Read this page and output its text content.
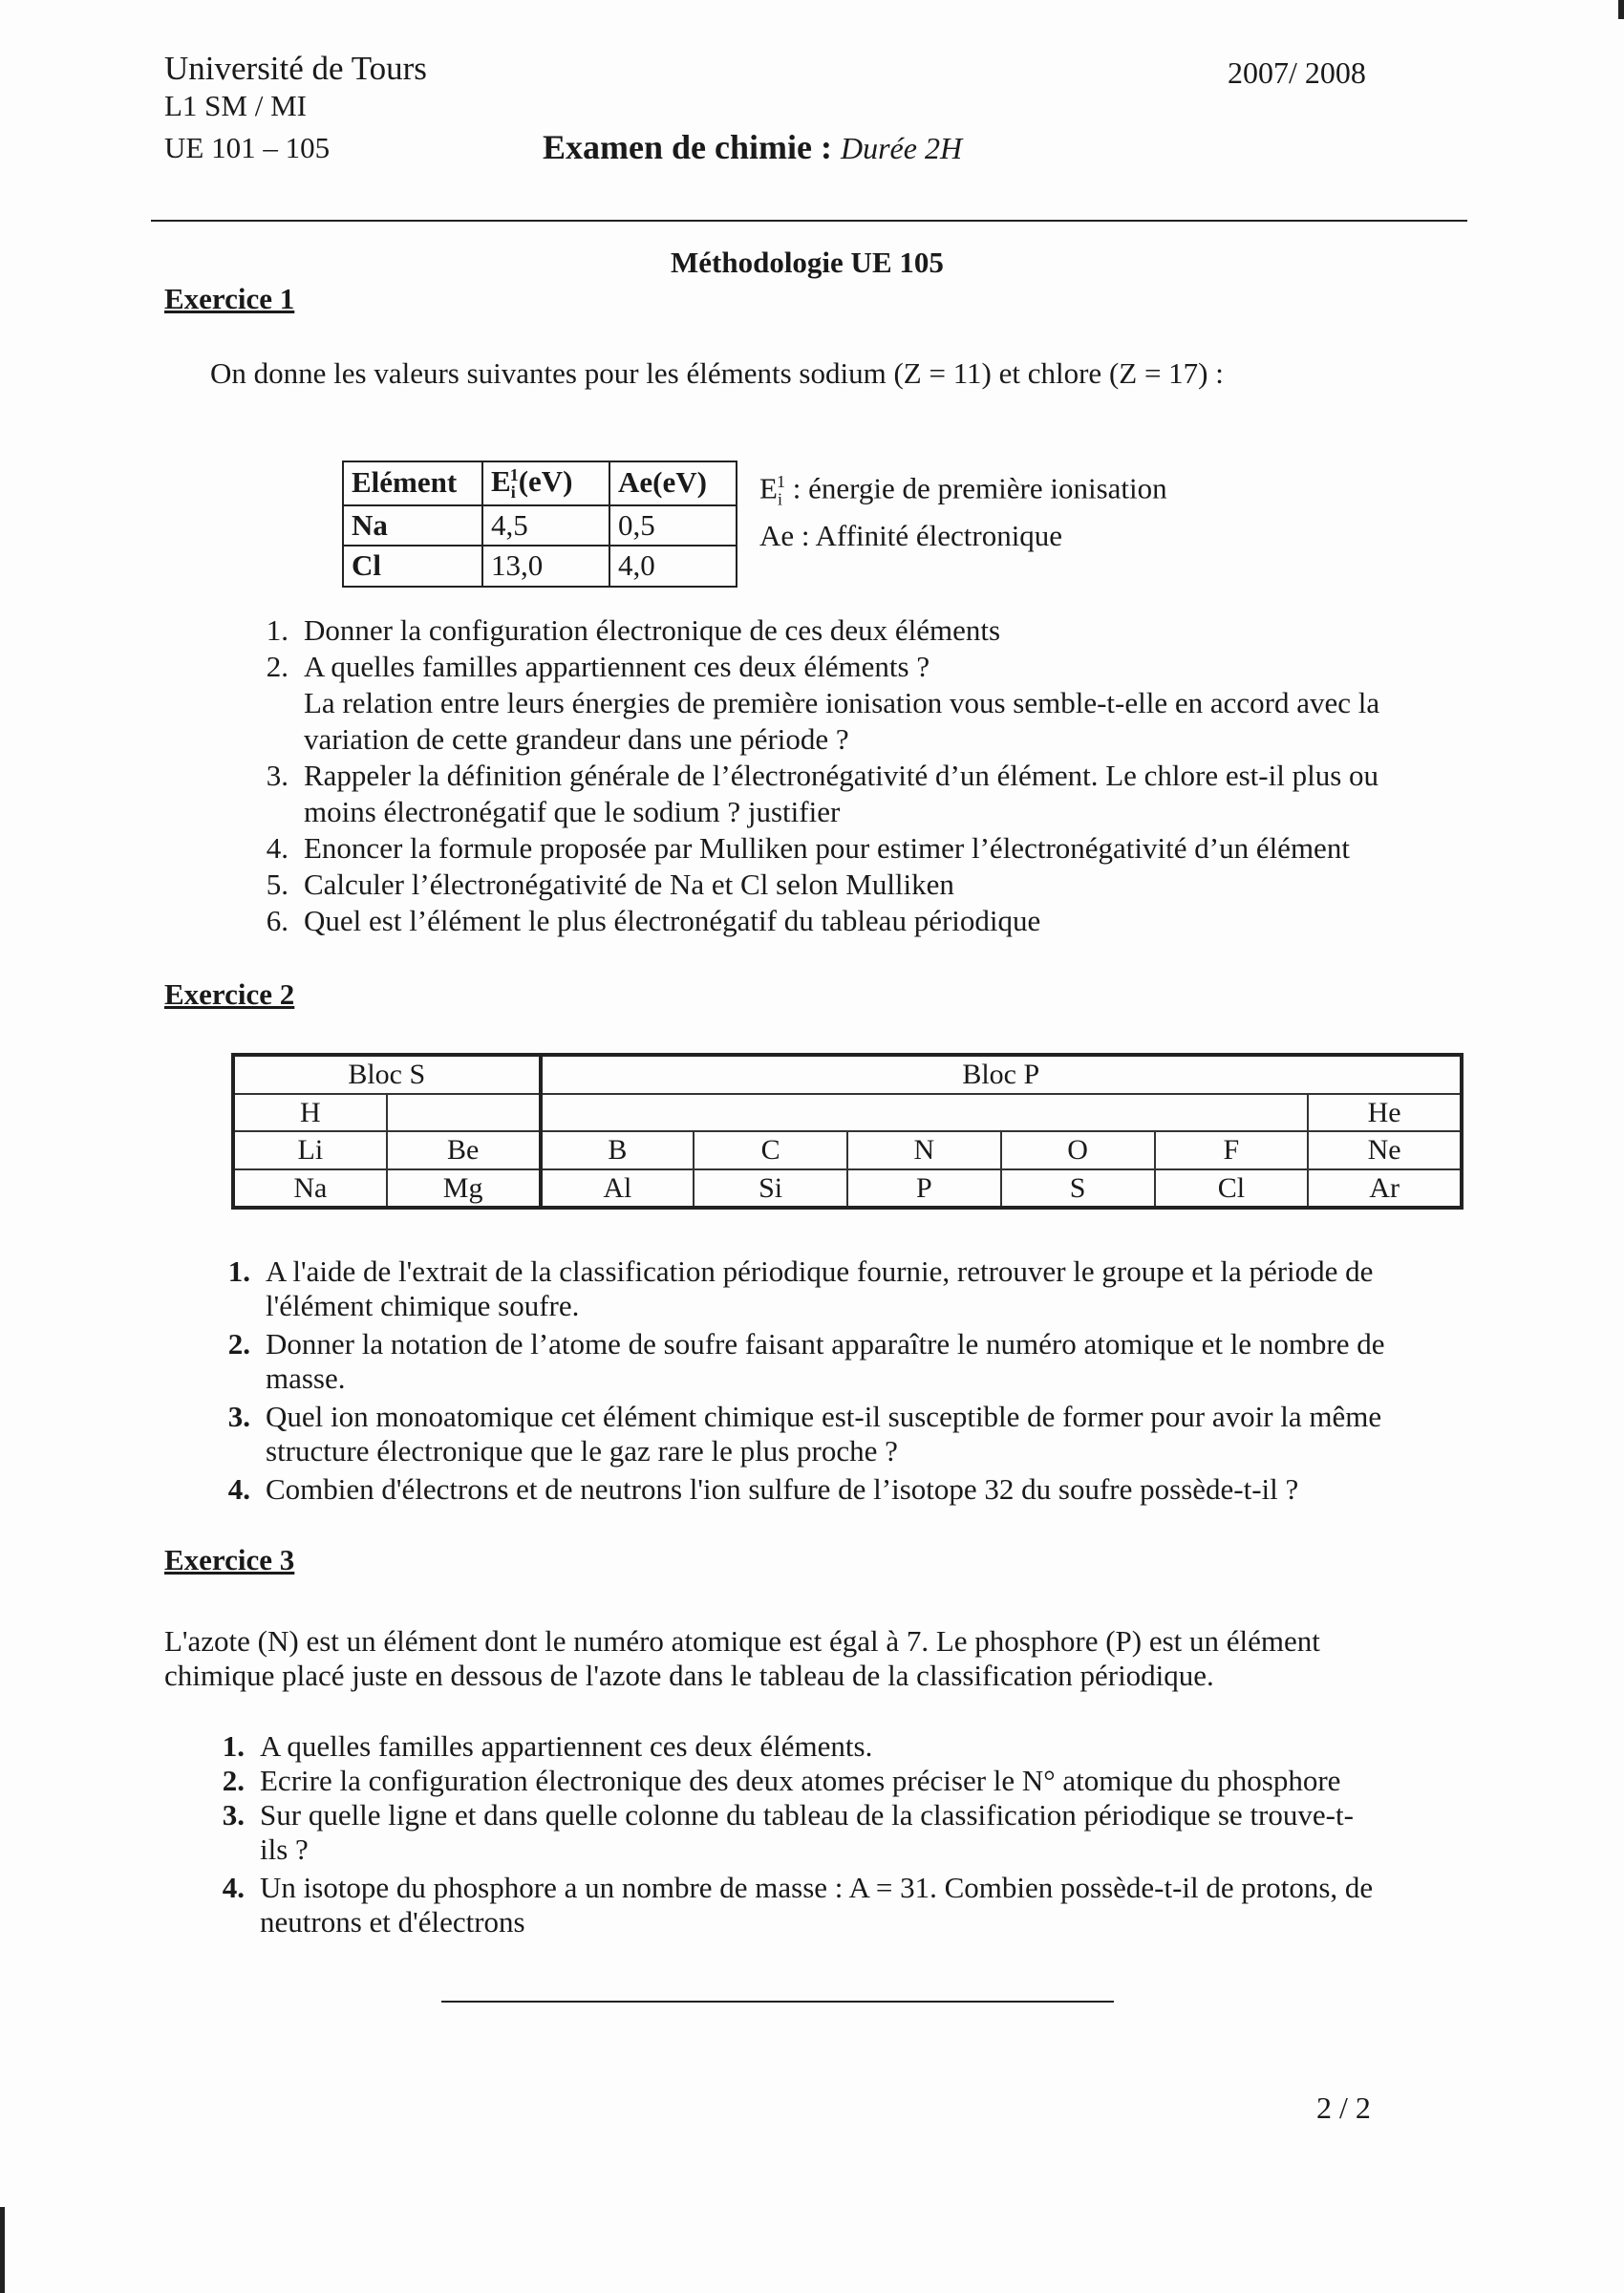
Université de Tours
L1 SM / MI
UE 101 – 105
2007/ 2008
Examen de chimie : Durée 2H
Méthodologie UE 105
Exercice 1
On donne les valeurs suivantes pour les éléments sodium (Z = 11) et chlore (Z = 17) :
Elément	$E_i^1(eV)$	Ae(eV)
Na	4,5	0,5
Cl	13,0	4,0
$E_i^1$ : énergie de première ionisation
Ae : Affinité électronique
1. Donner la configuration électronique de ces deux éléments
2. A quelles familles appartiennent ces deux éléments ?
La relation entre leurs énergies de première ionisation vous semble-t-elle en accord avec la
variation de cette grandeur dans une période ?
3. Rappeler la définition générale de l’électronégativité d’un élément. Le chlore est-il plus ou
moins électronégatif que le sodium ? justifier
4. Enoncer la formule proposée par Mulliken pour estimer l’électronégativité d’un élément
5. Calculer l’électronégativité de Na et Cl selon Mulliken
6. Quel est l’élément le plus électronégatif du tableau périodique
Exercice 2
Bloc S		Bloc P					
H							He
Li	Be	B	C	N	O	F	Ne
Na	Mg	Al	Si	P	S	Cl	Ar
1. A l'aide de l'extrait de la classification périodique fournie, retrouver le groupe et la période de
l'élément chimique soufre.
2. Donner la notation de l’atome de soufre faisant apparaître le numéro atomique et le nombre de
masse.
3. Quel ion monoatomique cet élément chimique est-il susceptible de former pour avoir la même
structure électronique que le gaz rare le plus proche ?
4. Combien d'électrons et de neutrons l'ion sulfure de l’isotope 32 du soufre possède-t-il ?
Exercice 3
L'azote (N) est un élément dont le numéro atomique est égal à 7. Le phosphore (P) est un élément
chimique placé juste en dessous de l'azote dans le tableau de la classification périodique.
1. A quelles familles appartiennent ces deux éléments.
2. Ecrire la configuration électronique des deux atomes préciser le N° atomique du phosphore
3. Sur quelle ligne et dans quelle colonne du tableau de la classification périodique se trouve-t-
ils ?
4. Un isotope du phosphore a un nombre de masse : A = 31. Combien possède-t-il de protons, de
neutrons et d'électrons
2 / 2
